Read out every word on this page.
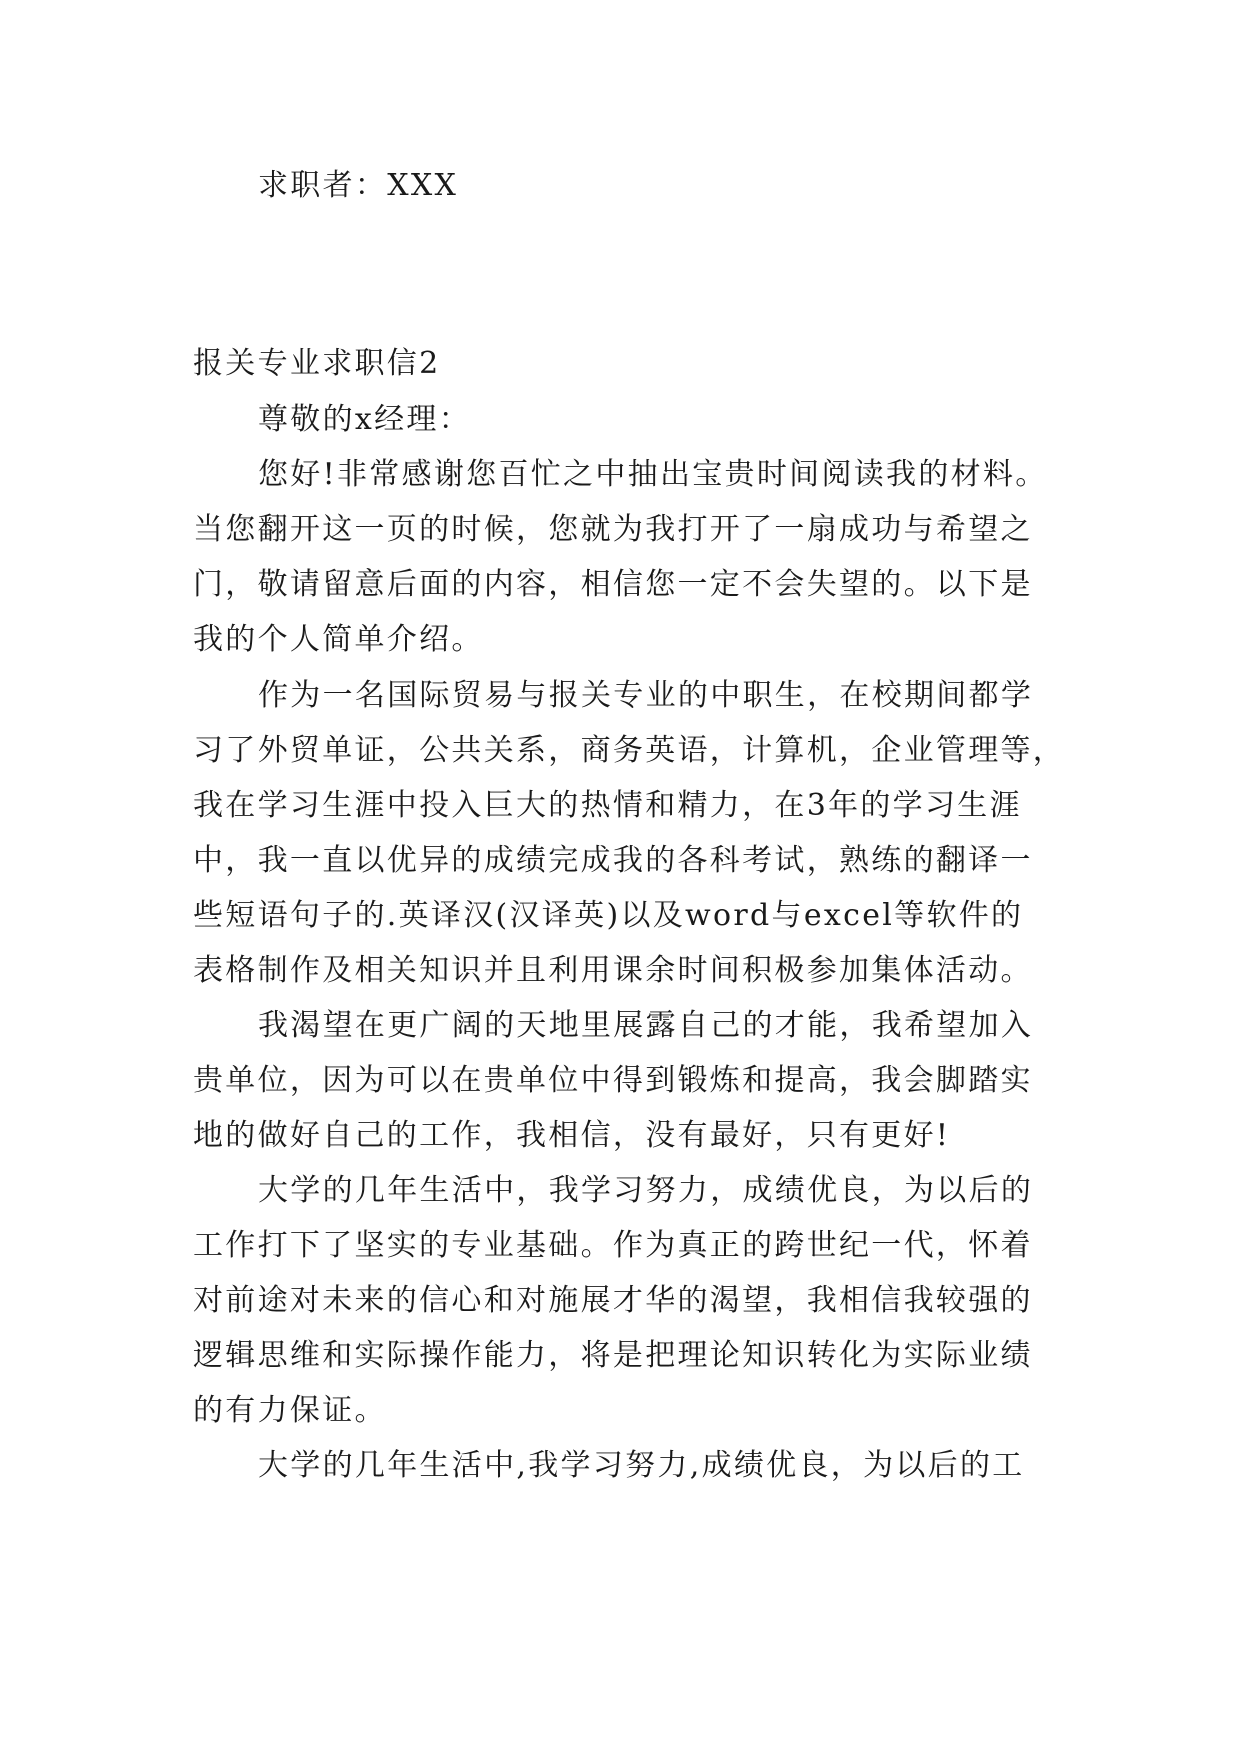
求职者：XXX
报关专业求职信2
尊敬的x经理：
您好!非常感谢您百忙之中抽出宝贵时间阅读我的材料。
当您翻开这一页的时候，您就为我打开了一扇成功与希望之
门，敬请留意后面的内容，相信您一定不会失望的。以下是
我的个人简单介绍。
作为一名国际贸易与报关专业的中职生，在校期间都学
习了外贸单证，公共关系，商务英语，计算机，企业管理等，
我在学习生涯中投入巨大的热情和精力，在3年的学习生涯
中，我一直以优异的成绩完成我的各科考试，熟练的翻译一
些短语句子的.英译汉(汉译英)以及word与excel等软件的
表格制作及相关知识并且利用课余时间积极参加集体活动。
我渴望在更广阔的天地里展露自己的才能，我希望加入
贵单位，因为可以在贵单位中得到锻炼和提高，我会脚踏实
地的做好自己的工作，我相信，没有最好，只有更好!
大学的几年生活中，我学习努力，成绩优良，为以后的
工作打下了坚实的专业基础。作为真正的跨世纪一代，怀着
对前途对未来的信心和对施展才华的渴望，我相信我较强的
逻辑思维和实际操作能力，将是把理论知识转化为实际业绩
的有力保证。
大学的几年生活中,我学习努力,成绩优良，为以后的工
